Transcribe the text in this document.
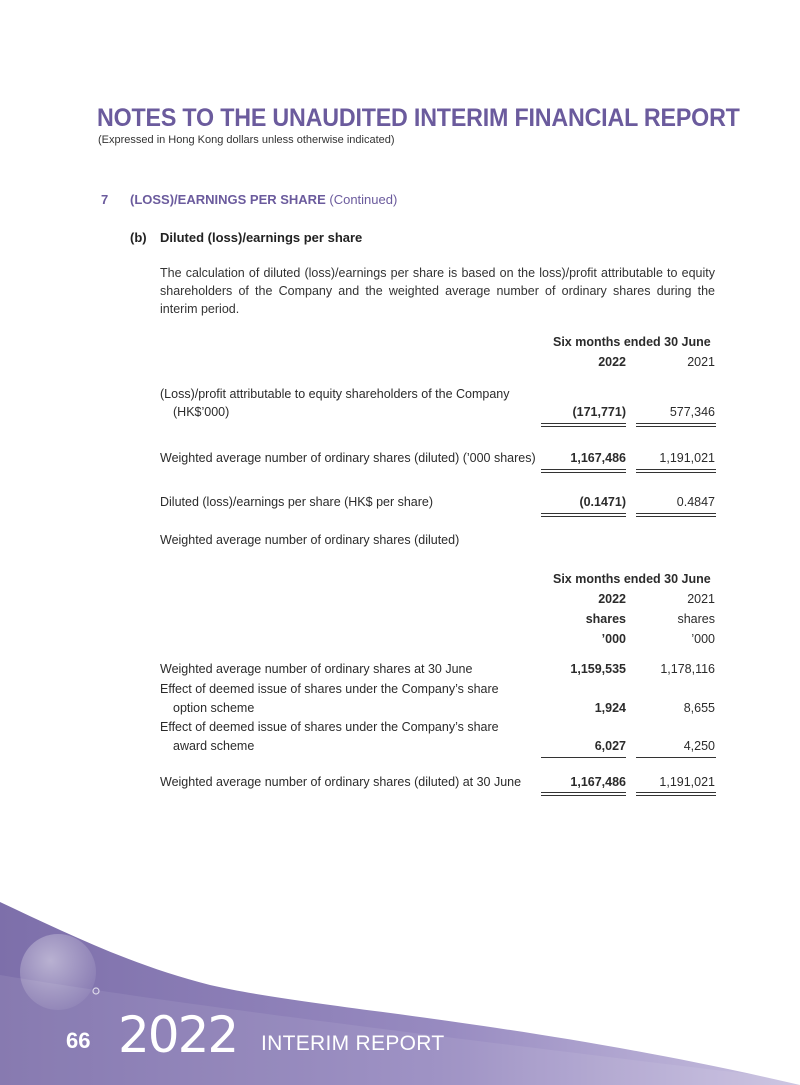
NOTES TO THE UNAUDITED INTERIM FINANCIAL REPORT
(Expressed in Hong Kong dollars unless otherwise indicated)
7 (LOSS)/EARNINGS PER SHARE (Continued)
(b) Diluted (loss)/earnings per share
The calculation of diluted (loss)/earnings per share is based on the loss)/profit attributable to equity shareholders of the Company and the weighted average number of ordinary shares during the interim period.
Six months ended 30 June
2022	2021
(Loss)/profit attributable to equity shareholders of the Company
(HK$’000)	(171,771)	577,346
Weighted average number of ordinary shares (diluted) (’000 shares)	1,167,486	1,191,021
Diluted (loss)/earnings per share (HK$ per share)	(0.1471)	0.4847
Weighted average number of ordinary shares (diluted)
Six months ended 30 June
2022	2021
shares	shares
’000	’000
Weighted average number of ordinary shares at 30 June	1,159,535	1,178,116
Effect of deemed issue of shares under the Company’s share
option scheme	1,924	8,655
Effect of deemed issue of shares under the Company’s share
award scheme	6,027	4,250
Weighted average number of ordinary shares (diluted) at 30 June	1,167,486	1,191,021
66 2022 INTERIM REPORT
